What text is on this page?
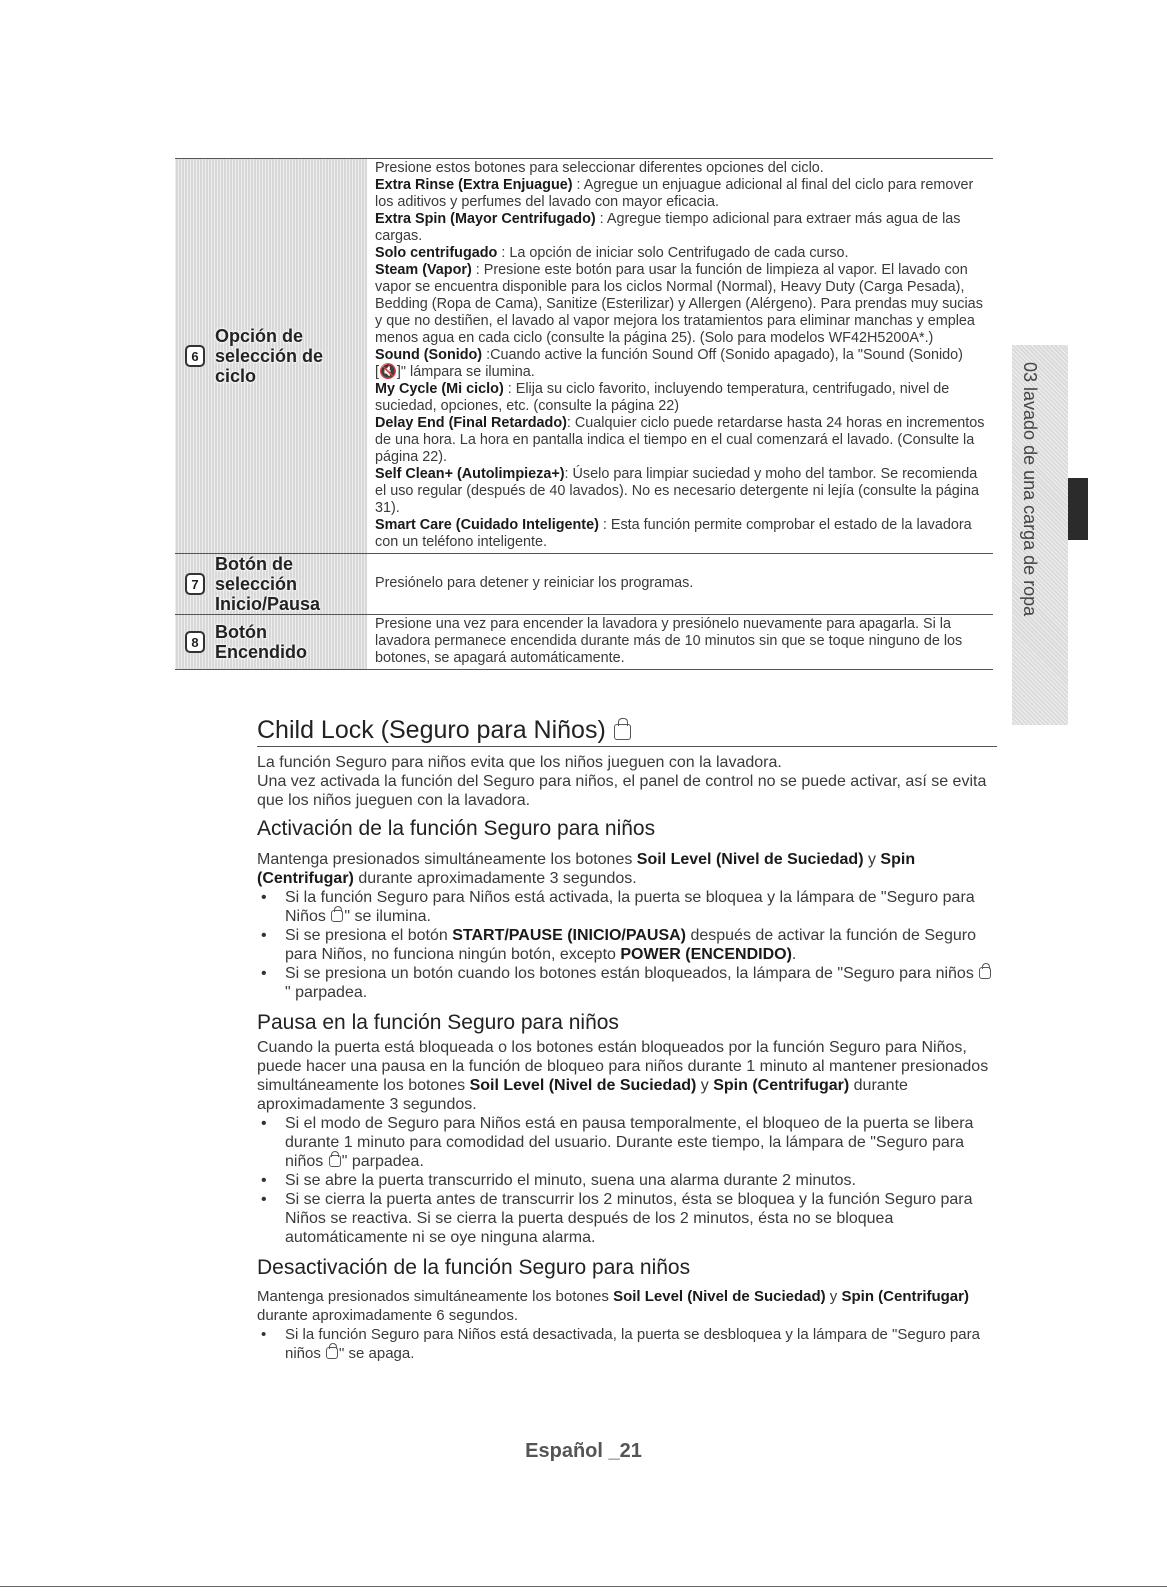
6
Opción de selección de ciclo
Presione estos botones para seleccionar diferentes opciones del ciclo.
Extra Rinse (Extra Enjuague) : Agregue un enjuague adicional al final del ciclo para remover los aditivos y perfumes del lavado con mayor eficacia.
Extra Spin (Mayor Centrifugado) : Agregue tiempo adicional para extraer más agua de las cargas.
Solo centrifugado : La opción de iniciar solo Centrifugado de cada curso.
Steam (Vapor) : Presione este botón para usar la función de limpieza al vapor. El lavado con vapor se encuentra disponible para los ciclos Normal (Normal), Heavy Duty (Carga Pesada), Bedding (Ropa de Cama), Sanitize (Esterilizar) y Allergen (Alérgeno). Para prendas muy sucias y que no destiñen, el lavado al vapor mejora los tratamientos para eliminar manchas y emplea menos agua en cada ciclo (consulte la página 25). (Solo para modelos WF42H5200A*.)
Sound (Sonido) :Cuando active la función Sound Off (Sonido apagado), la "Sound (Sonido) [🔇]" lámpara se ilumina.
My Cycle (Mi ciclo) : Elija su ciclo favorito, incluyendo temperatura, centrifugado, nivel de suciedad, opciones, etc. (consulte la página 22)
Delay End (Final Retardado): Cualquier ciclo puede retardarse hasta 24 horas en incrementos de una hora. La hora en pantalla indica el tiempo en el cual comenzará el lavado. (Consulte la página 22).
Self Clean+ (Autolimpieza+): Úselo para limpiar suciedad y moho del tambor. Se recomienda el uso regular (después de 40 lavados). No es necesario detergente ni lejía (consulte la página 31).
Smart Care (Cuidado Inteligente) : Esta función permite comprobar el estado de la lavadora con un teléfono inteligente.
7
Botón de selección Inicio/Pausa
Presiónelo para detener y reiniciar los programas.
8 Botón Encendido
Presione una vez para encender la lavadora y presiónelo nuevamente para apagarla. Si la lavadora permanece encendida durante más de 10 minutos sin que se toque ninguno de los botones, se apagará automáticamente.
03 lavado de una carga de ropa
Child Lock (Seguro para Niños)

La función Seguro para niños evita que los niños jueguen con la lavadora.

Una vez activada la función del Seguro para niños, el panel de control no se puede activar, así se evita que los niños jueguen con la lavadora.

Activación de la función Seguro para niños

Mantenga presionados simultáneamente los botones Soil Level (Nivel de Suciedad) y Spin (Centrifugar) durante aproximadamente 3 segundos.

• Si la función Seguro para Niños está activada, la puerta se bloquea y la lámpara de "Seguro para Niños " se ilumina.
• Si se presiona el botón START/PAUSE (INICIO/PAUSA) después de activar la función de Seguro para Niños, no funciona ningún botón, excepto POWER (ENCENDIDO).
• Si se presiona un botón cuando los botones están bloqueados, la lámpara de "Seguro para niños " parpadea.
Pausa en la función Seguro para niños

Cuando la puerta está bloqueada o los botones están bloqueados por la función Seguro para Niños, puede hacer una pausa en la función de bloqueo para niños durante 1 minuto al mantener presionados simultáneamente los botones Soil Level (Nivel de Suciedad) y Spin (Centrifugar) durante aproximadamente 3 segundos.

• Si el modo de Seguro para Niños está en pausa temporalmente, el bloqueo de la puerta se libera durante 1 minuto para comodidad del usuario. Durante este tiempo, la lámpara de "Seguro para niños " parpadea.
• Si se abre la puerta transcurrido el minuto, suena una alarma durante 2 minutos.
• Si se cierra la puerta antes de transcurrir los 2 minutos, ésta se bloquea y la función Seguro para Niños se reactiva. Si se cierra la puerta después de los 2 minutos, ésta no se bloquea automáticamente ni se oye ninguna alarma.
Desactivación de la función Seguro para niños

Mantenga presionados simultáneamente los botones Soil Level (Nivel de Suciedad) y Spin (Centrifugar) durante aproximadamente 6 segundos.

• Si la función Seguro para Niños está desactivada, la puerta se desbloquea y la lámpara de "Seguro para niños " se apaga.
Español _21
